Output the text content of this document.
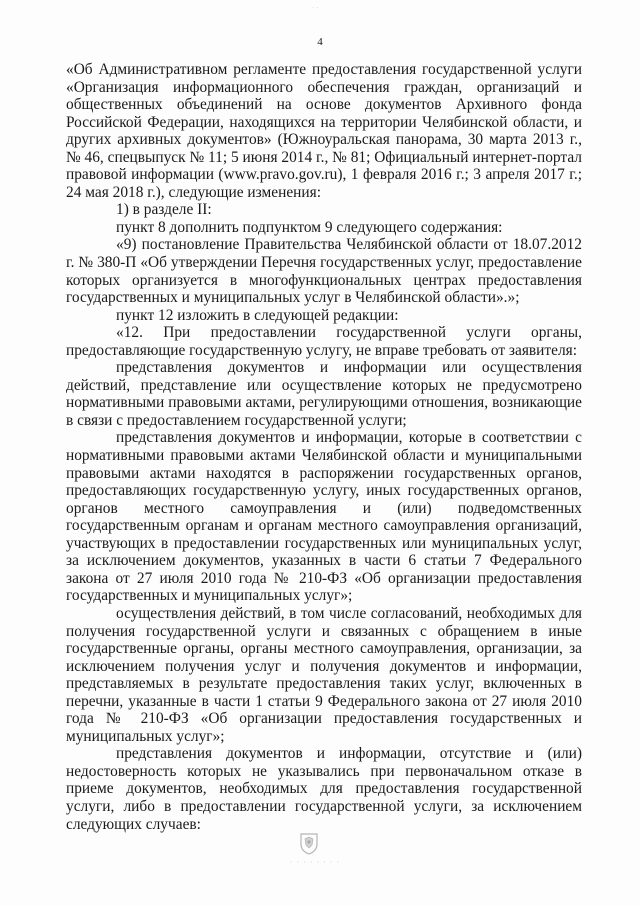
· ·
4

«Об Административном регламенте предоставления государственной услуги «Организация информационного обеспечения граждан, организаций и общественных объединений на основе документов Архивного фонда Российской Федерации, находящихся на территории Челябинской области, и других архивных документов» (Южноуральская панорама, 30 марта 2013 г., № 46, спецвыпуск № 11; 5 июня 2014 г., № 81; Официальный интернет-портал правовой информации (www.pravo.gov.ru), 1 февраля 2016 г.; 3 апреля 2017 г.; 24 мая 2018 г.), следующие изменения:

1) в разделе II:

пункт 8 дополнить подпунктом 9 следующего содержания:

«9) постановление Правительства Челябинской области от 18.07.2012 г. № 380-П «Об утверждении Перечня государственных услуг, предоставление которых организуется в многофункциональных центрах предоставления государственных и муниципальных услуг в Челябинской области».»;

пункт 12 изложить в следующей редакции:

«12. При предоставлении государственной услуги органы, предоставляющие государственную услугу, не вправе требовать от заявителя:

представления документов и информации или осуществления действий, представление или осуществление которых не предусмотрено нормативными правовыми актами, регулирующими отношения, возникающие в связи с предоставлением государственной услуги;

представления документов и информации, которые в соответствии с нормативными правовыми актами Челябинской области и муниципальными правовыми актами находятся в распоряжении государственных органов, предоставляющих государственную услугу, иных государственных органов, органов местного самоуправления и (или) подведомственных государственным органам и органам местного самоуправления организаций, участвующих в предоставлении государственных или муниципальных услуг, за исключением документов, указанных в части 6 статьи 7 Федерального закона от 27 июля 2010 года № 210-ФЗ «Об организации предоставления государственных и муниципальных услуг»;

осуществления действий, в том числе согласований, необходимых для получения государственной услуги и связанных с обращением в иные государственные органы, органы местного самоуправления, организации, за исключением получения услуг и получения документов и информации, представляемых в результате предоставления таких услуг, включенных в перечни, указанные в части 1 статьи 9 Федерального закона от 27 июля 2010 года № 210-ФЗ «Об организации предоставления государственных и муниципальных услуг»;

представления документов и информации, отсутствие и (или) недостоверность которых не указывались при первоначальном отказе в приеме документов, необходимых для предоставления государственной услуги, либо в предоставлении государственной услуги, за исключением следующих случаев:

· · · · · · · ·
